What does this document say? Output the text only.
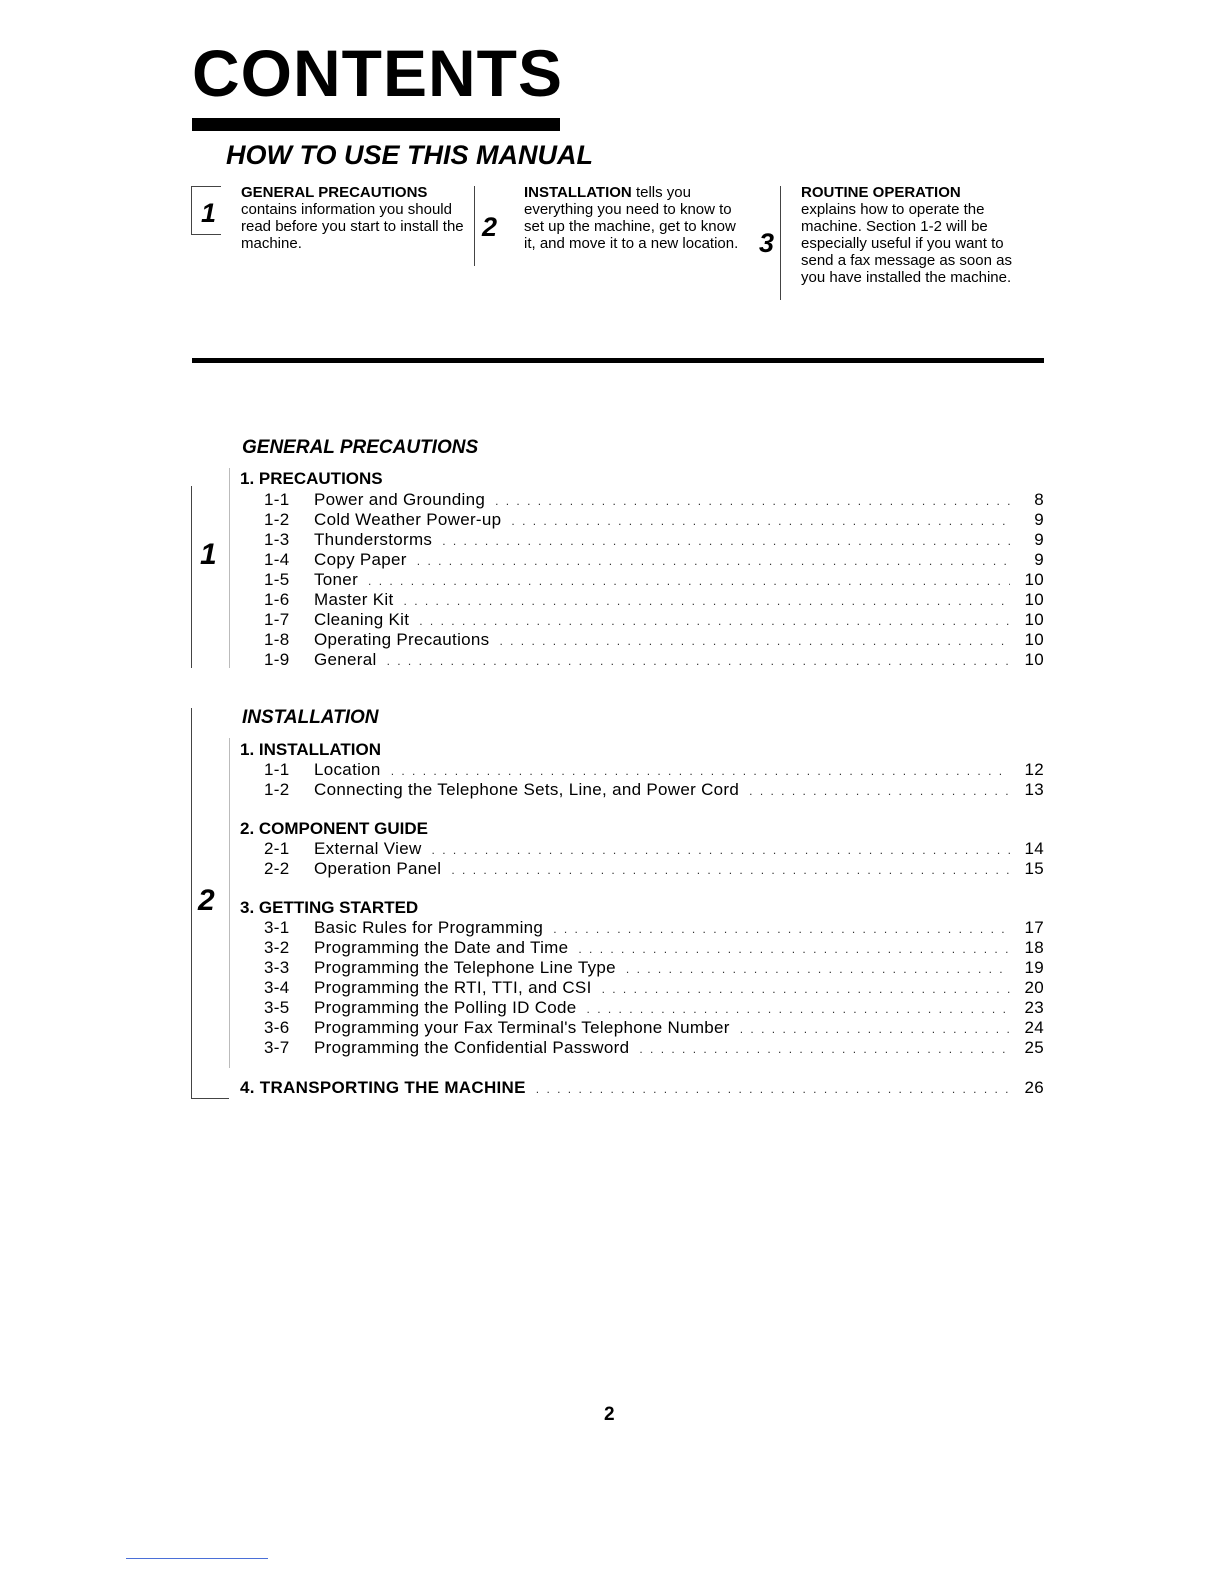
CONTENTS
HOW TO USE THIS MANUAL
1
GENERAL PRECAUTIONS contains information you should read before you start to install the machine.
2
INSTALLATION tells you everything you need to know to set up the machine, get to know it, and move it to a new location. 3
ROUTINE OPERATION
explains how to operate the machine. Section 1-2 will be especially useful if you want to send a fax message as soon as you have installed the machine.
GENERAL PRECAUTIONS
1
1. PRECAUTIONS
1-1	Power and Grounding . . .	8
1-2	Cold Weather Power-up . . .	9
1-3	Thunderstorms . . .	9
1-4	Copy Paper . . .	9
1-5	Toner . . .	10
1-6	Master Kit . . .	10
1-7	Cleaning Kit . . .	10
1-8	Operating Precautions . . .	10
1-9	General . . .	10
INSTALLATION
2
1. INSTALLATION
1-1	Location . . .	12
1-2	Connecting the Telephone Sets, Line, and Power Cord . . .	13
2. COMPONENT GUIDE
2-1	External View . . .	14
2-2	Operation Panel . . .	15
3. GETTING STARTED
3-1	Basic Rules for Programming . . .	17
3-2	Programming the Date and Time . . .	18
3-3	Programming the Telephone Line Type . . .	19
3-4	Programming the RTI, TTI, and CSI . . .	20
3-5	Programming the Polling ID Code . . .	23
3-6	Programming your Fax Terminal's Telephone Number . . .	24
3-7	Programming the Confidential Password . . .	25
4. TRANSPORTING THE MACHINE . . .	26
2
